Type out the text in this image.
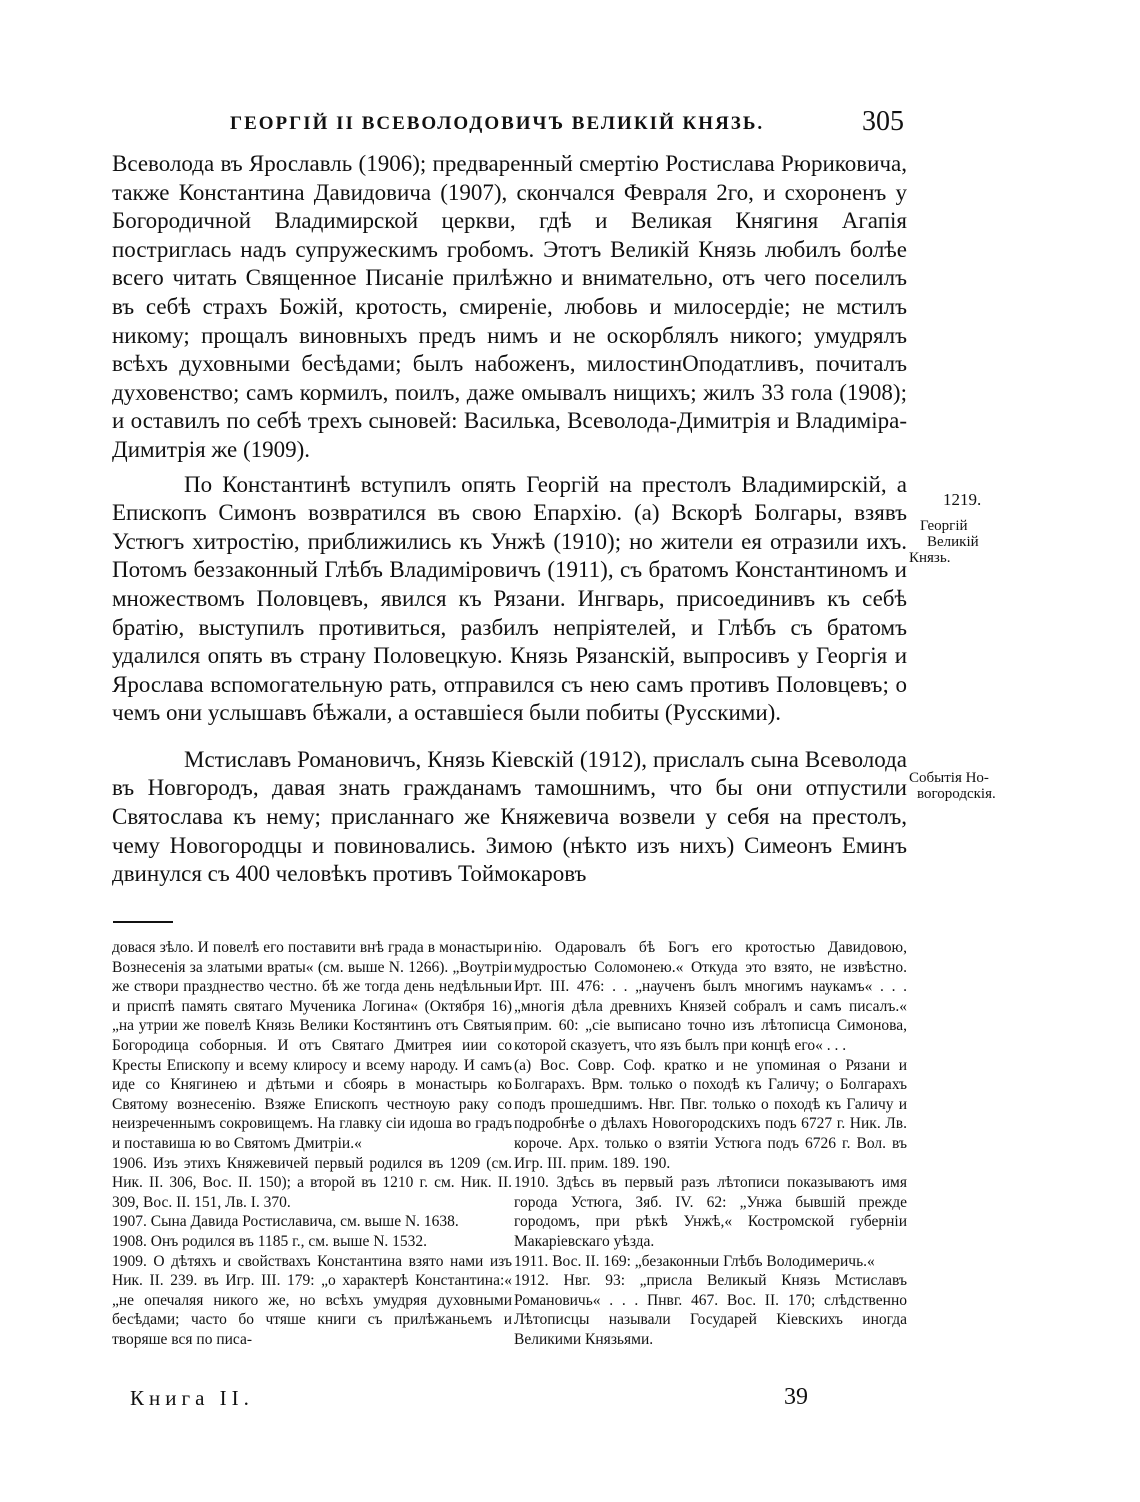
ГЕОРГІЙ II ВСЕВОЛОДОВИЧЪ ВЕЛИКІЙ КНЯЗЬ.	305

Всеволода въ Ярославль (1906); предваренный смертію Ростислава Рюриковича, также Константина Давидовича (1907), скончался Февраля 2го, и схороненъ у Богородичной Владимирской церкви, гдѣ и Великая Княгиня Агапія постриглась надъ супружескимъ гробомъ. Этотъ Великій Князь любилъ болѣе всего читать Священное Писаніе прилѣжно и внимательно, отъ чего поселилъ въ себѣ страхъ Божій, кротость, смиреніе, любовь и милосердіе; не мстилъ никому; прощалъ виновныхъ предъ нимъ и не оскорблялъ никого; умудрялъ всѣхъ духовными бесѣдами; былъ набоженъ, милостинОподатливъ, почиталъ духовенство; самъ кормилъ, поилъ, даже омывалъ нищихъ; жилъ 33 гола (1908); и оставилъ по себѣ трехъ сыновей: Василька, Всеволода-Димитрія и Владиміра-Димитрія же (1909).

По Константинѣ вступилъ опять Георгій на престолъ Владимирскій, а Епископъ Симонъ возвратился въ свою Епархію. (а) Вскорѣ Болгары, взявъ Устюгъ хитростію, приближились къ Унжѣ (1910); но жители ея отразили ихъ. Потомъ беззаконный Глѣбъ Владиміровичъ (1911), съ братомъ Константиномъ и множествомъ Половцевъ, явился къ Рязани. Ингварь, присоединивъ къ себѣ братію, выступилъ противиться, разбилъ непріятелей, и Глѣбъ съ братомъ удалился опять въ страну Половецкую. Князь Рязанскій, выпросивъ у Георгія и Ярослава вспомогательную рать, отправился съ нею самъ противъ Половцевъ; о чемъ они услышавъ бѣжали, а оставшіеся были побиты (Русскими).

Мстиславъ Романовичъ, Князь Кіевскій (1912), прислалъ сына Всеволода въ Новгородъ, давая знать гражданамъ тамошнимъ, что бы они отпустили Святослава къ нему; присланнаго же Княжевича возвели у себя на престолъ, чему Новогородцы и повиновались. Зимою (нѣкто изъ нихъ) Симеонъ Еминъ двинулся съ 400 человѣкъ противъ Тоймокаровъ

1219.
Георгій
Великій
Князь.
Событія Но-
вогородскія.

довася зѣло. И повелѣ его поставити внѣ града в монастыри Вознесенія за златыми враты« (см. выше N. 1266). „Воутріи же створи празднество честно. бѣ же тогда день недѣльныи и приспѣ память святаго Мученика Логина« (Октября 16) „на утрии же повелѣ Князь Велики Костянтинъ отъ Святыя Богородица соборныя. И отъ Святаго Дмитрея иии со Кресты Епископу и всему клиросу и всему народу. И самъ иде со Княгинею и дѣтьми и сбоярь в монастырь ко Святому вознесенію. Взяже Епископъ честноую раку со неизреченнымъ сокровищемъ. На главку сіи идоша во градъ и поставиша ю во Святомъ Дмитріи.«

1906. Изъ этихъ Княжевичей первый родился въ 1209 (см. Ник. II. 306, Вос. II. 150); а второй въ 1210 г. см. Ник. II. 309, Вос. II. 151, Лв. I. 370.

1907. Сына Давида Ростиславича, см. выше N. 1638.

1908. Онъ родился въ 1185 г., см. выше N. 1532.

1909. О дѣтяхъ и свойствахъ Константина взято нами изъ Ник. II. 239. въ Игр. III. 179: „о характерѣ Константина:« „не опечаляя никого же, но всѣхъ умудряя духовными бесѣдами; часто бо чтяше книги съ прилѣжаньемъ и творяше вся по писа-

нію. Одаровалъ бѣ Богъ его кротостью Давидовою, мудростью Соломонею.« Откуда это взято, не извѣстно. Ирт. III. 476: . . „наученъ былъ многимъ наукамъ« . . . „многія дѣла древнихъ Князей собралъ и самъ писалъ.« прим. 60: „сіе выписано точно изъ лѣтописца Симонова, которой сказуетъ, что язъ былъ при концѣ его« . . .

(а) Вос. Совр. Соф. кратко и не упоминая о Рязани и Болгарахъ. Врм. только о походѣ къ Галичу; о Болгарахъ подъ прошедшимъ. Нвг. Пвг. только о походѣ къ Галичу и подробнѣе о дѣлахъ Новогородскихъ подъ 6727 г. Ник. Лв. короче. Арх. только о взятіи Устюга подъ 6726 г. Вол. въ Игр. III. прим. 189. 190.

1910. Здѣсь въ первый разъ лѣтописи показываютъ имя города Устюга, Зяб. IV. 62: „Унжа бывшій прежде городомъ, при рѣкѣ Унжѣ,« Костромской губерніи Макаріевскаго уѣзда.

1911. Вос. II. 169: „безаконныи Глѣбъ Володимеричь.«

1912. Нвг. 93: „присла Великый Князь Мстиславъ Романовичь« . . . Пнвг. 467. Вос. II. 170; слѣдственно Лѣтописцы называли Государей Кіевскихъ иногда Великими Князьями.

Книга II.	39
